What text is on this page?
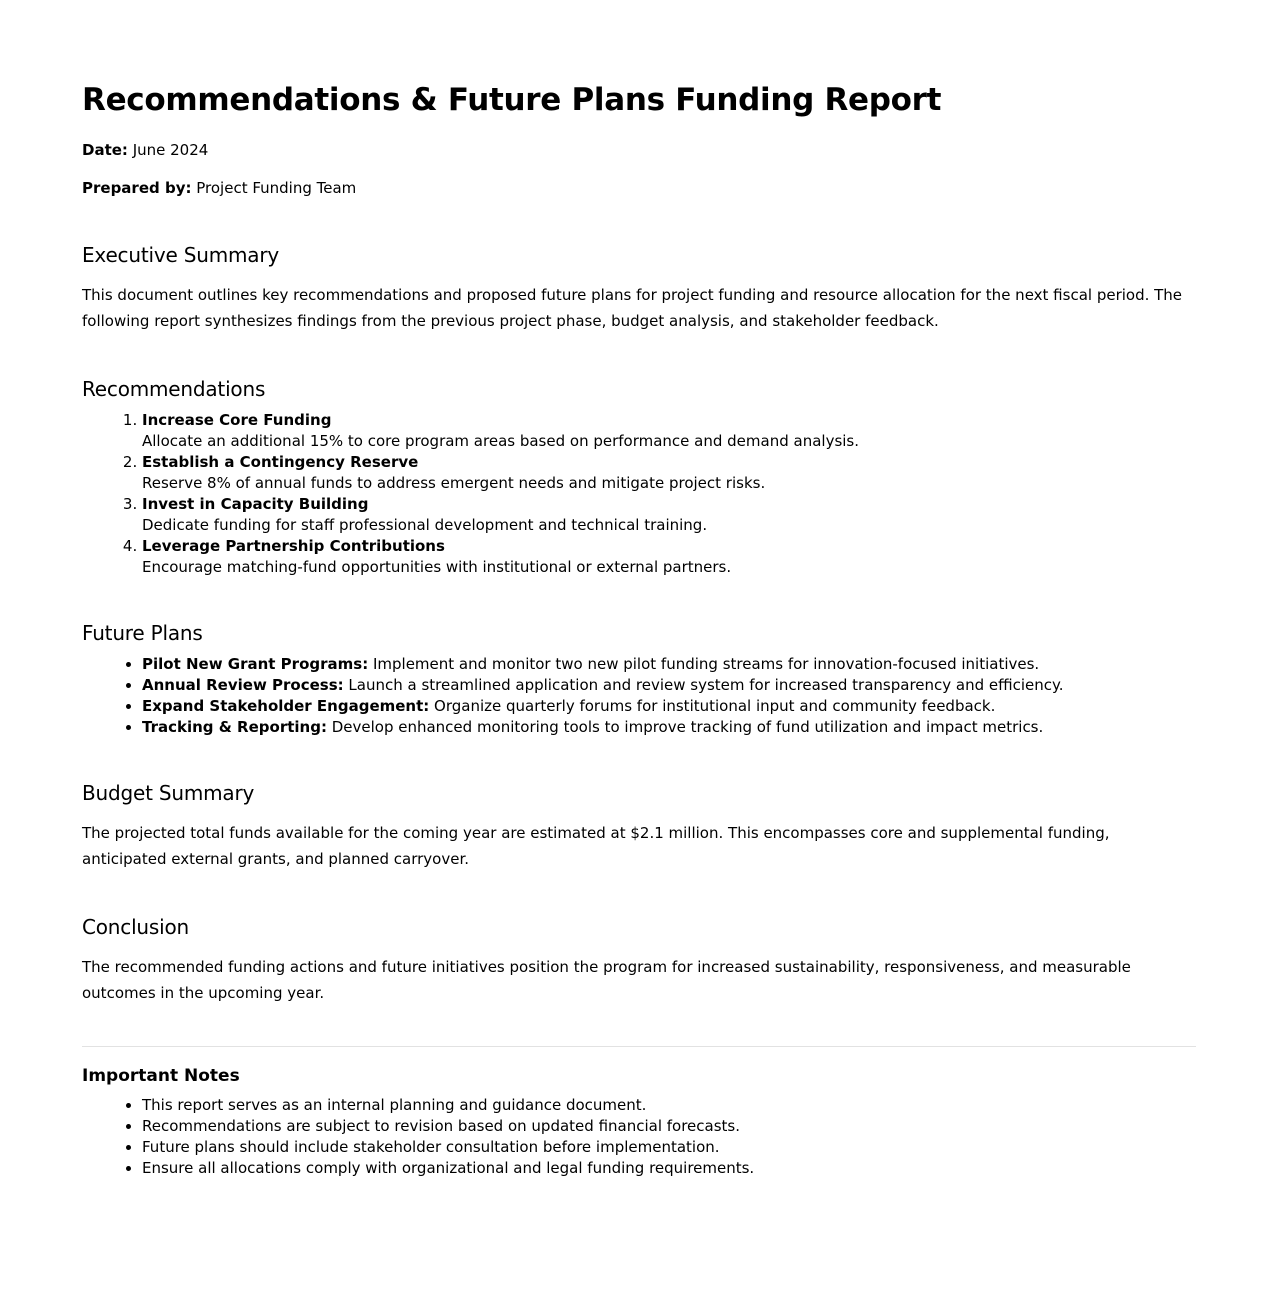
Recommendations & Future Plans Funding Report
Date: June 2024
Prepared by: Project Funding Team
Executive Summary

This document outlines key recommendations and proposed future plans for project funding and resource allocation for the next fiscal period. The following report synthesizes findings from the previous project phase, budget analysis, and stakeholder feedback.

Recommendations
1. Increase Core Funding
Allocate an additional 15% to core program areas based on performance and demand analysis.
2. Establish a Contingency Reserve
Reserve 8% of annual funds to address emergent needs and mitigate project risks.
3. Invest in Capacity Building
Dedicate funding for staff professional development and technical training.
4. Leverage Partnership Contributions
Encourage matching-fund opportunities with institutional or external partners.
Future Plans
• Pilot New Grant Programs: Implement and monitor two new pilot funding streams for innovation-focused initiatives.
• Annual Review Process: Launch a streamlined application and review system for increased transparency and efficiency.
• Expand Stakeholder Engagement: Organize quarterly forums for institutional input and community feedback.
• Tracking & Reporting: Develop enhanced monitoring tools to improve tracking of fund utilization and impact metrics.
Budget Summary

The projected total funds available for the coming year are estimated at $2.1 million. This encompasses core and supplemental funding, anticipated external grants, and planned carryover.

Conclusion

The recommended funding actions and future initiatives position the program for increased sustainability, responsiveness, and measurable outcomes in the upcoming year.

Important Notes
• This report serves as an internal planning and guidance document.
• Recommendations are subject to revision based on updated financial forecasts.
• Future plans should include stakeholder consultation before implementation.
• Ensure all allocations comply with organizational and legal funding requirements.
